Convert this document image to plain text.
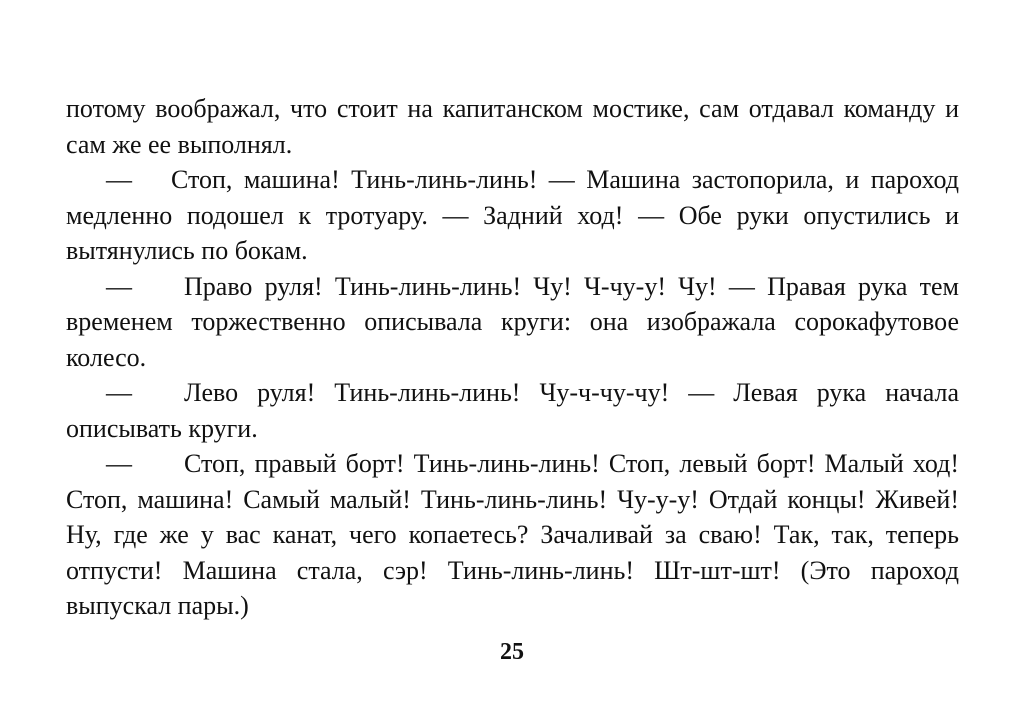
потому воображал, что стоит на капитанском мостике, сам отдавал команду и сам же ее выполнял.

—  Стоп, машина! Тинь-линь-линь! — Машина застопорила, и пароход медленно подошел к тротуару. — Задний ход! — Обе руки опустились и вытянулись по бокам.

—  Право руля! Тинь-линь-линь! Чу! Ч-чу-у! Чу! — Правая рука тем временем торжественно описывала круги: она изображала сорокафутовое колесо.

—  Лево руля! Тинь-линь-линь! Чу-ч-чу-чу! — Левая рука начала описывать круги.

—  Стоп, правый борт! Тинь-линь-линь! Стоп, левый борт! Малый ход! Стоп, машина! Самый малый! Тинь-линь-линь! Чу-у-у! Отдай концы! Живей! Ну, где же у вас канат, чего копаетесь? Зачаливай за сваю! Так, так, теперь отпусти! Машина стала, сэр! Тинь-линь-линь! Шт-шт-шт! (Это пароход выпускал пары.)

25
